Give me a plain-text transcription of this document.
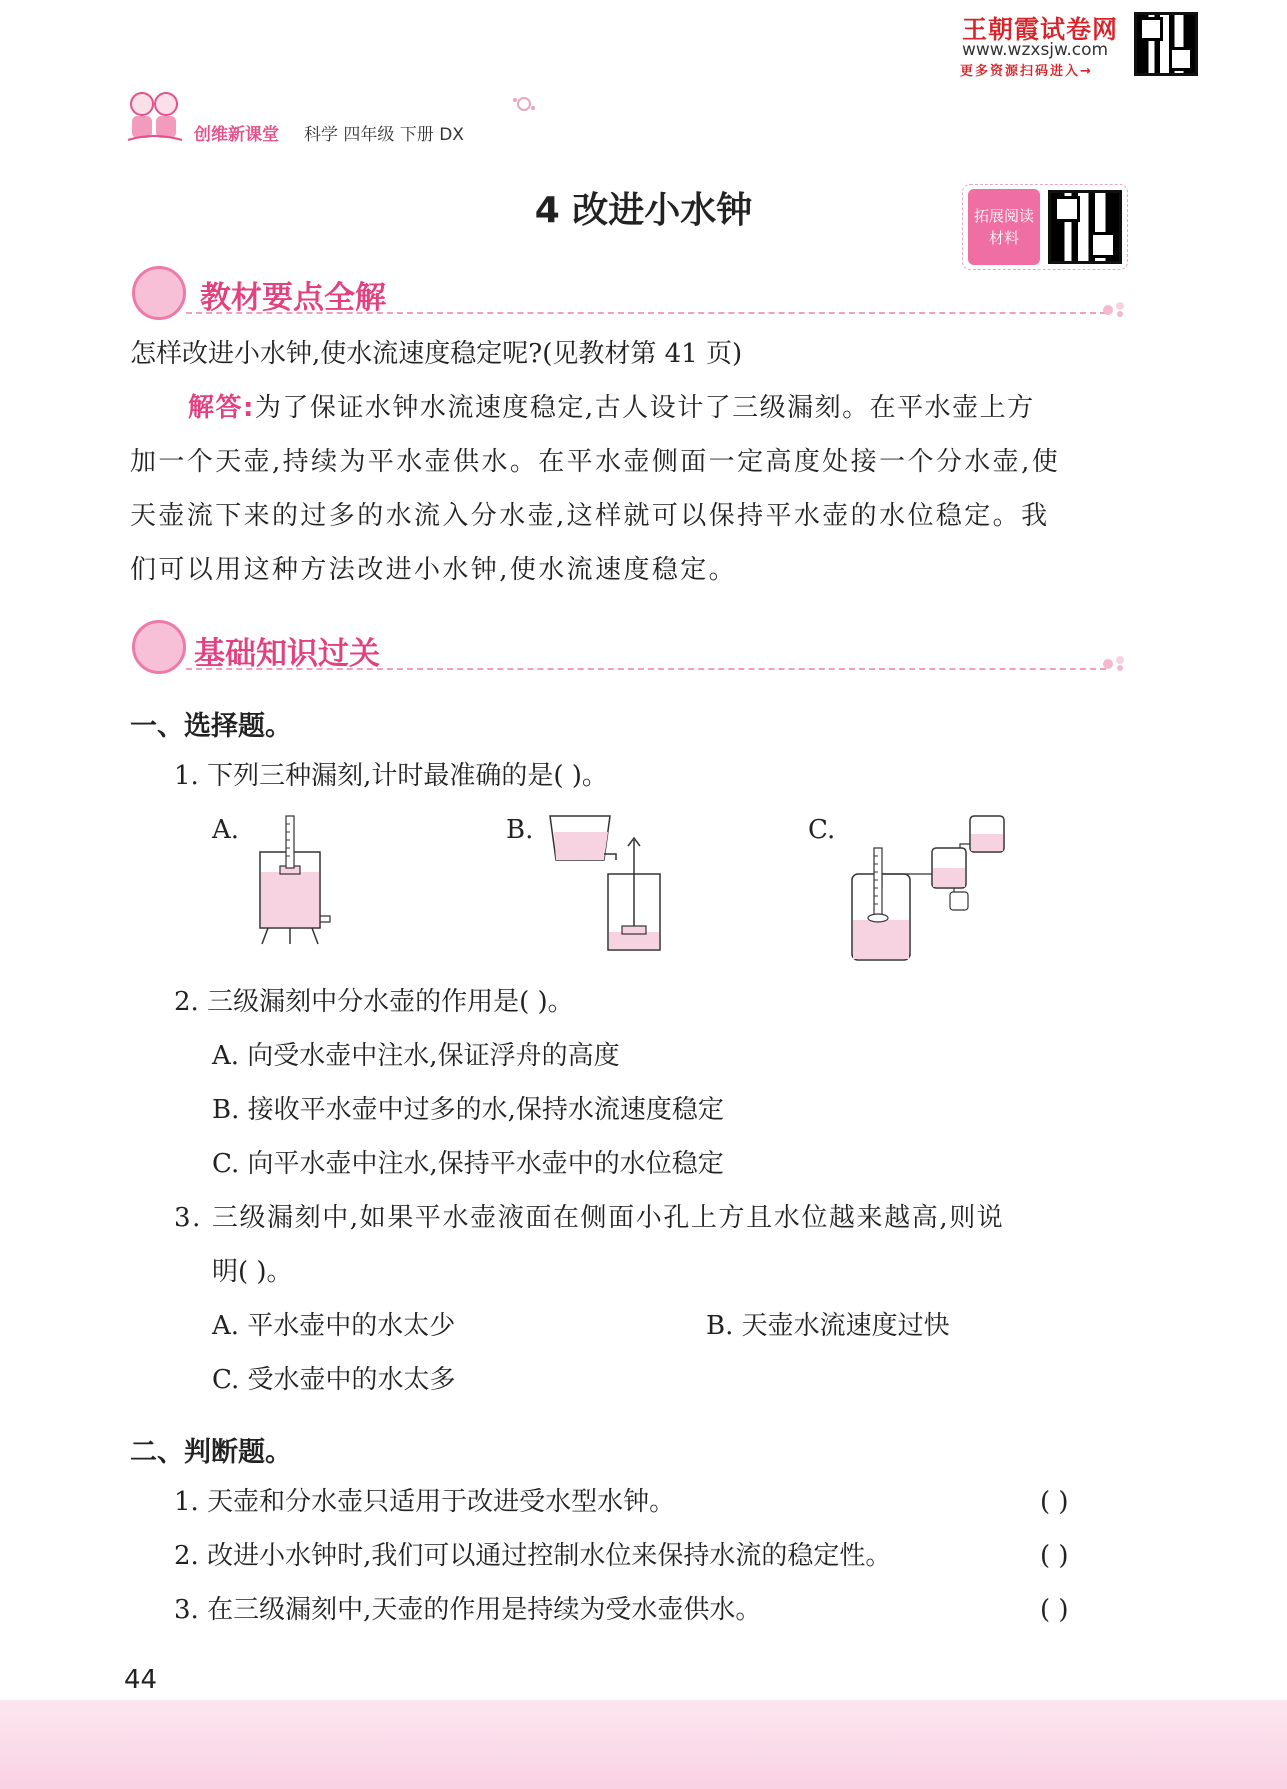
王朝霞试卷网
www.wzxsjw.com
更多资源扫码进入→
创维新课堂 科学 四年级 下册 DX
4 改进小水钟	拓展阅读
材料
教材要点全解
怎样改进小水钟,使水流速度稳定呢?(见教材第 41 页)
解答:为了保证水钟水流速度稳定,古人设计了三级漏刻。在平水壶上方
加一个天壶,持续为平水壶供水。在平水壶侧面一定高度处接一个分水壶,使
天壶流下来的过多的水流入分水壶,这样就可以保持平水壶的水位稳定。我
们可以用这种方法改进小水钟,使水流速度稳定。
基础知识过关
一、选择题。
1. 下列三种漏刻,计时最准确的是( )。
A.	B.	C.
2. 三级漏刻中分水壶的作用是( )。
A. 向受水壶中注水,保证浮舟的高度
B. 接收平水壶中过多的水,保持水流速度稳定
C. 向平水壶中注水,保持平水壶中的水位稳定
3. 三级漏刻中,如果平水壶液面在侧面小孔上方且水位越来越高,则说
明( )。
A. 平水壶中的水太少	B. 天壶水流速度过快
C. 受水壶中的水太多
二、判断题。
1. 天壶和分水壶只适用于改进受水型水钟。	( )
2. 改进小水钟时,我们可以通过控制水位来保持水流的稳定性。	( )
3. 在三级漏刻中,天壶的作用是持续为受水壶供水。	( )
44
